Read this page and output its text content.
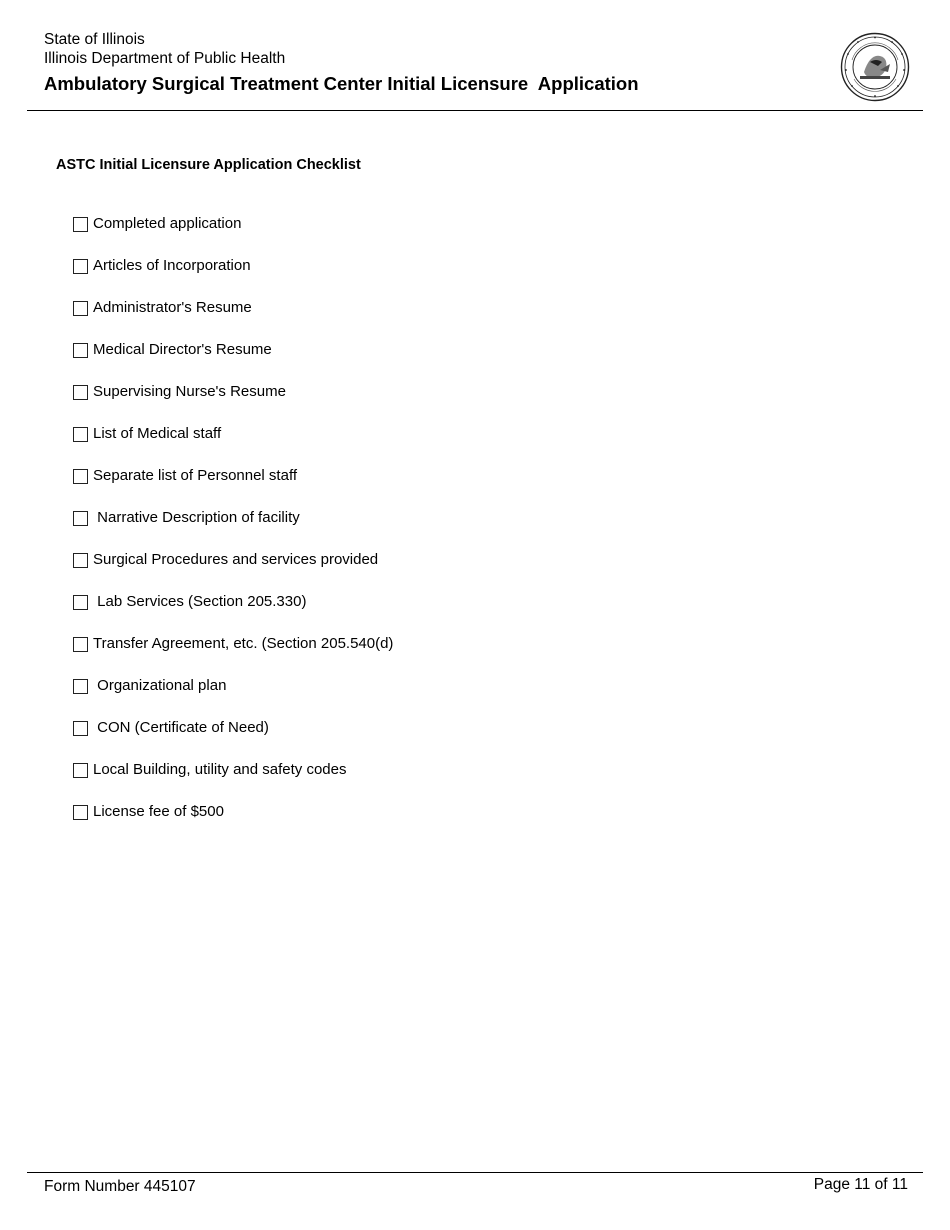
State of Illinois
Illinois Department of Public Health
Ambulatory Surgical Treatment Center Initial Licensure  Application
ASTC Initial Licensure Application Checklist
Completed application
Articles of Incorporation
Administrator's Resume
Medical Director's Resume
Supervising Nurse's Resume
List of Medical staff
Separate list of Personnel staff
Narrative Description of facility
Surgical Procedures and services provided
Lab Services (Section 205.330)
Transfer Agreement, etc. (Section 205.540(d)
Organizational plan
CON (Certificate of Need)
Local Building, utility and safety codes
License fee of $500
Form Number 445107	Page 11 of 11
